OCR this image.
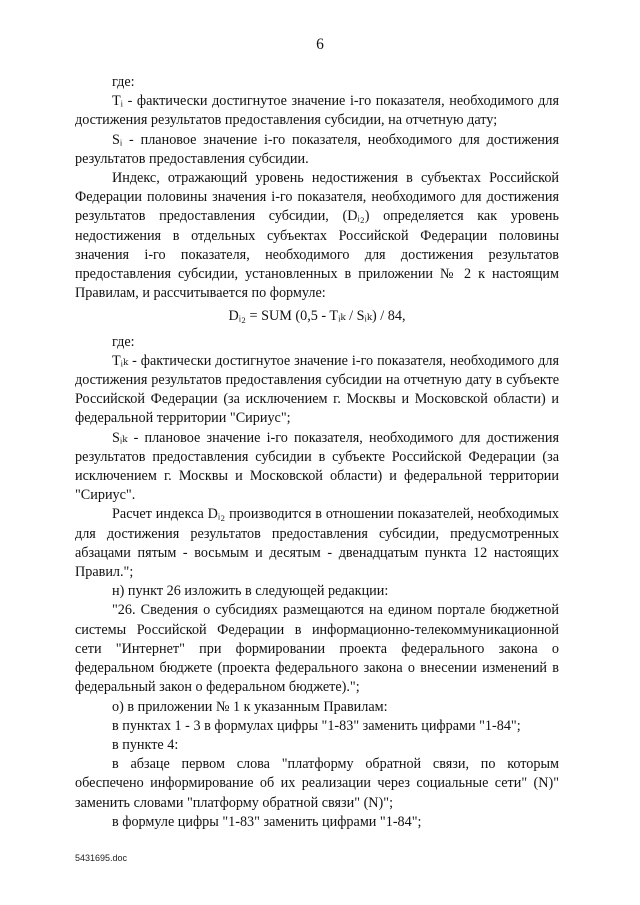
6

где:

Tᵢ - фактически достигнутое значение i-го показателя, необходимого для достижения результатов предоставления субсидии, на отчетную дату;

Sᵢ - плановое значение i-го показателя, необходимого для достижения результатов предоставления субсидии.

Индекс, отражающий уровень недостижения в субъектах Российской Федерации половины значения i-го показателя, необходимого для достижения результатов предоставления субсидии, (Dᵢ₂) определяется как уровень недостижения в отдельных субъектах Российской Федерации половины значения i-го показателя, необходимого для достижения результатов предоставления субсидии, установленных в приложении № 2 к настоящим Правилам, и рассчитывается по формуле:

Dᵢ₂ = SUM (0,5 - Tᵢₖ / Sᵢₖ) / 84,

где:

Tᵢₖ - фактически достигнутое значение i-го показателя, необходимого для достижения результатов предоставления субсидии на отчетную дату в субъекте Российской Федерации (за исключением г. Москвы и Московской области) и федеральной территории "Сириус";

Sᵢₖ - плановое значение i-го показателя, необходимого для достижения результатов предоставления субсидии в субъекте Российской Федерации (за исключением г. Москвы и Московской области) и федеральной территории "Сириус".

Расчет индекса Dᵢ₂ производится в отношении показателей, необходимых для достижения результатов предоставления субсидии, предусмотренных абзацами пятым - восьмым и десятым - двенадцатым пункта 12 настоящих Правил.";

н) пункт 26 изложить в следующей редакции:

"26. Сведения о субсидиях размещаются на едином портале бюджетной системы Российской Федерации в информационно-телекоммуникационной сети "Интернет" при формировании проекта федерального закона о федеральном бюджете (проекта федерального закона о внесении изменений в федеральный закон о федеральном бюджете).";

о) в приложении № 1 к указанным Правилам:

в пунктах 1 - 3 в формулах цифры "1-83" заменить цифрами "1-84";

в пункте 4:

в абзаце первом слова "платформу обратной связи, по которым обеспечено информирование об их реализации через социальные сети" (N)" заменить словами "платформу обратной связи" (N)";

в формуле цифры "1-83" заменить цифрами "1-84";

5431695.doc
